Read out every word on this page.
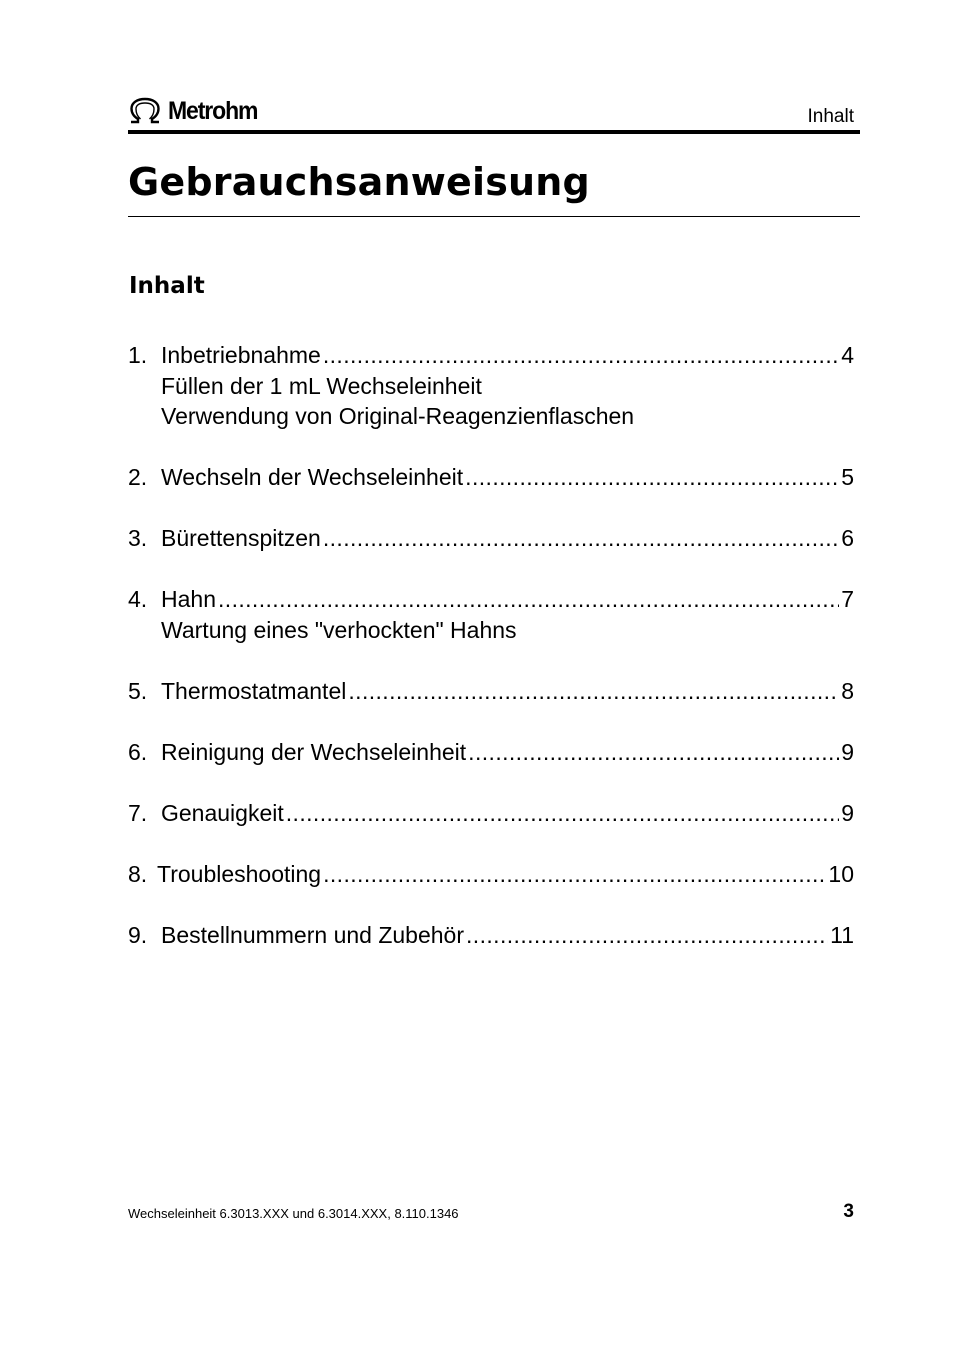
Metrohm	Inhalt
Gebrauchsanweisung
Inhalt
1. Inbetriebnahme .....	4
Füllen der 1 mL Wechseleinheit
Verwendung von Original-Reagenzienflaschen
2. Wechseln der Wechseleinheit .....	5
3. Bürettenspitzen .....	6
4. Hahn .....	7
Wartung eines "verhockten" Hahns
5. Thermostatmantel .....	8
6. Reinigung der Wechseleinheit .....	9
7. Genauigkeit .....	9
8. Troubleshooting .....	10
9. Bestellnummern und Zubehör .....	11
Wechseleinheit 6.3013.XXX und 6.3014.XXX, 8.110.1346	3
